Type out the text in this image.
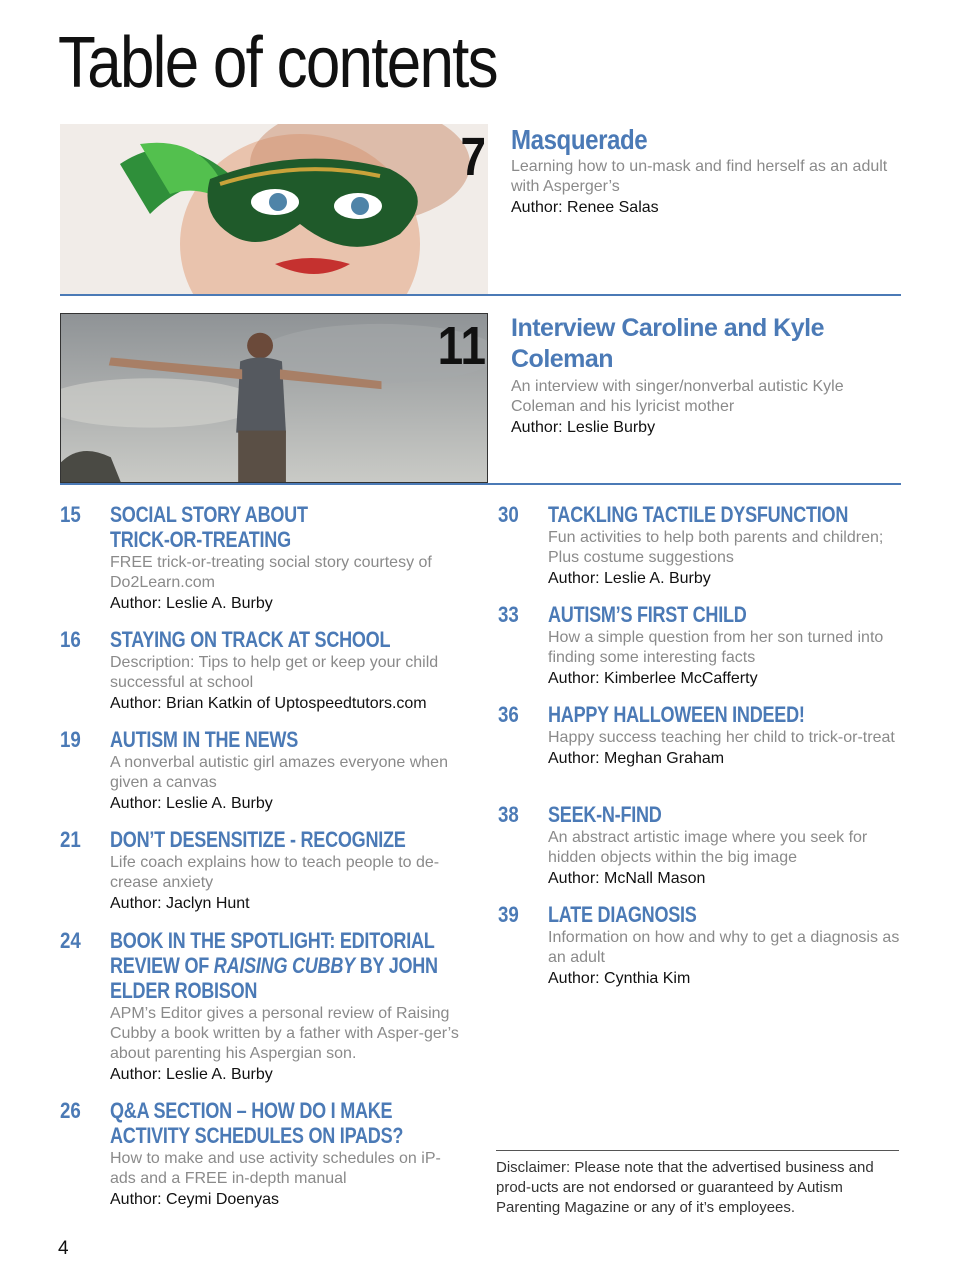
Table of contents
7 Masquerade
Learning how to un-mask and find herself as an adult with Asperger’s
Author: Renee Salas
11 Interview Caroline and Kyle Coleman
An interview with singer/nonverbal autistic Kyle Coleman and his lyricist mother
Author: Leslie Burby
15 SOCIAL STORY ABOUT TRICK-OR-TREATING
FREE trick-or-treating social story courtesy of Do2Learn.com
Author: Leslie A. Burby
16 STAYING ON TRACK AT SCHOOL
Description: Tips to help get or keep your child successful at school
Author: Brian Katkin of Uptospeedtutors.com
19 AUTISM IN THE NEWS
A nonverbal autistic girl amazes everyone when given a canvas
Author: Leslie A. Burby
21 DON’T DESENSITIZE - RECOGNIZE
Life coach explains how to teach people to de-crease anxiety
Author: Jaclyn Hunt
24 BOOK IN THE SPOTLIGHT: EDITORIAL REVIEW OF RAISING CUBBY BY JOHN ELDER ROBISON
APM’s Editor gives a personal review of Raising Cubby a book written by a father with Asper-ger’s about parenting his Aspergian son.
Author: Leslie A. Burby
26 Q&A SECTION – HOW DO I MAKE ACTIVITY SCHEDULES ON IPADS?
How to make and use activity schedules on iP-ads and a FREE in-depth manual
Author: Ceymi Doenyas
30 TACKLING TACTILE DYSFUNCTION
Fun activities to help both parents and children; Plus costume suggestions
Author: Leslie A. Burby
33 AUTISM’S FIRST CHILD
How a simple question from her son turned into finding some interesting facts
Author: Kimberlee McCafferty
36 HAPPY HALLOWEEN INDEED!
Happy success teaching her child to trick-or-treat
Author: Meghan Graham
38 SEEK-N-FIND
An abstract artistic image where you seek for hidden objects within the big image
Author: McNall Mason
39 LATE DIAGNOSIS
Information on how and why to get a diagnosis as an adult
Author: Cynthia Kim
Disclaimer: Please note that the advertised business and prod-ucts are not endorsed or guaranteed by Autism Parenting Magazine or any of it’s employees.
4
